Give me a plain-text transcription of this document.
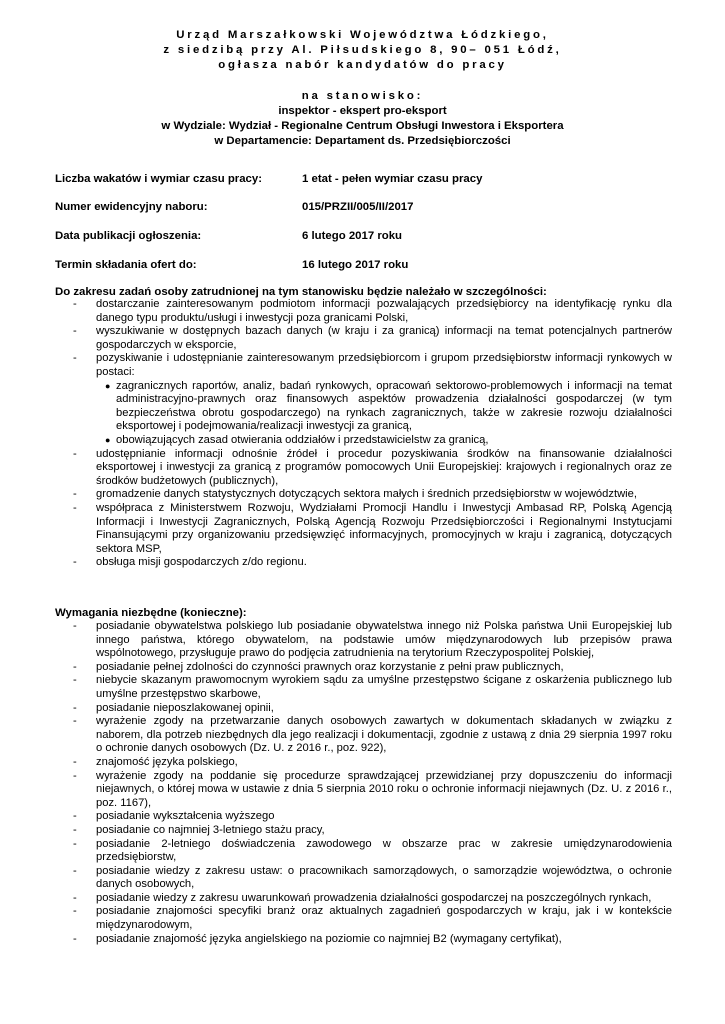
Urząd Marszałkowski Województwa Łódzkiego,
z siedzibą przy Al. Piłsudskiego 8, 90– 051 Łódź,
ogłasza nabór kandydatów do pracy
na stanowisko:
inspektor - ekspert pro-eksport
w Wydziale: Wydział - Regionalne Centrum Obsługi Inwestora i Eksportera
w Departamencie: Departament ds. Przedsiębiorczości
Liczba wakatów i wymiar czasu pracy:	1 etat - pełen wymiar czasu pracy
Numer ewidencyjny naboru:	015/PRZII/005/II/2017
Data publikacji ogłoszenia:	6 lutego 2017 roku
Termin składania ofert do:	16 lutego 2017 roku
Do zakresu zadań osoby zatrudnionej na tym stanowisku będzie należało w szczególności:
- dostarczanie zainteresowanym podmiotom informacji pozwalających przedsiębiorcy na identyfikację rynku dla danego typu produktu/usługi i inwestycji poza granicami Polski,
- wyszukiwanie w dostępnych bazach danych (w kraju i za granicą) informacji na temat potencjalnych partnerów gospodarczych w eksporcie,
- pozyskiwanie i udostępnianie zainteresowanym przedsiębiorcom i grupom przedsiębiorstw informacji rynkowych w postaci:
● zagranicznych raportów, analiz, badań rynkowych, opracowań sektorowo-problemowych i informacji na temat administracyjno-prawnych oraz finansowych aspektów prowadzenia działalności gospodarczej (w tym bezpieczeństwa obrotu gospodarczego) na rynkach zagranicznych, także w zakresie rozwoju działalności eksportowej i podejmowania/realizacji inwestycji za granicą,
● obowiązujących zasad otwierania oddziałów i przedstawicielstw za granicą,
- udostępnianie informacji odnośnie źródeł i procedur pozyskiwania środków na finansowanie działalności eksportowej i inwestycji za granicą z programów pomocowych Unii Europejskiej: krajowych i regionalnych oraz ze środków budżetowych (publicznych),
- gromadzenie danych statystycznych dotyczących sektora małych i średnich przedsiębiorstw w województwie,
- współpraca z Ministerstwem Rozwoju, Wydziałami Promocji Handlu i Inwestycji Ambasad RP, Polską Agencją Informacji i Inwestycji Zagranicznych, Polską Agencją Rozwoju Przedsiębiorczości i Regionalnymi Instytucjami Finansującymi przy organizowaniu przedsięwzięć informacyjnych, promocyjnych w kraju i zagranicą, dotyczących sektora MSP,
- obsługa misji gospodarczych z/do regionu.
Wymagania niezbędne (konieczne):
- posiadanie obywatelstwa polskiego lub posiadanie obywatelstwa innego niż Polska państwa Unii Europejskiej lub innego państwa, którego obywatelom, na podstawie umów międzynarodowych lub przepisów prawa wspólnotowego, przysługuje prawo do podjęcia zatrudnienia na terytorium Rzeczypospolitej Polskiej,
- posiadanie pełnej zdolności do czynności prawnych oraz korzystanie z pełni praw publicznych,
- niebycie skazanym prawomocnym wyrokiem sądu za umyślne przestępstwo ścigane z oskarżenia publicznego lub umyślne przestępstwo skarbowe,
- posiadanie nieposzlakowanej opinii,
- wyrażenie zgody na przetwarzanie danych osobowych zawartych w dokumentach składanych w związku z naborem, dla potrzeb niezbędnych dla jego realizacji i dokumentacji, zgodnie z ustawą z dnia 29 sierpnia 1997 roku o ochronie danych osobowych (Dz. U. z 2016 r., poz. 922),
- znajomość języka polskiego,
- wyrażenie zgody na poddanie się procedurze sprawdzającej przewidzianej przy dopuszczeniu do informacji niejawnych, o której mowa w ustawie z dnia 5 sierpnia 2010 roku o ochronie informacji niejawnych (Dz. U. z 2016 r., poz. 1167),
- posiadanie wykształcenia wyższego
- posiadanie co najmniej 3-letniego stażu pracy,
- posiadanie 2-letniego doświadczenia zawodowego w obszarze prac w zakresie umiędzynarodowienia przedsiębiorstw,
- posiadanie wiedzy z zakresu ustaw: o pracownikach samorządowych, o samorządzie województwa, o ochronie danych osobowych,
- posiadanie wiedzy z zakresu uwarunkowań prowadzenia działalności gospodarczej na poszczególnych rynkach,
- posiadanie znajomości specyfiki branż oraz aktualnych zagadnień gospodarczych w kraju, jak i w kontekście międzynarodowym,
- posiadanie znajomość języka angielskiego na poziomie co najmniej B2 (wymagany certyfikat),
